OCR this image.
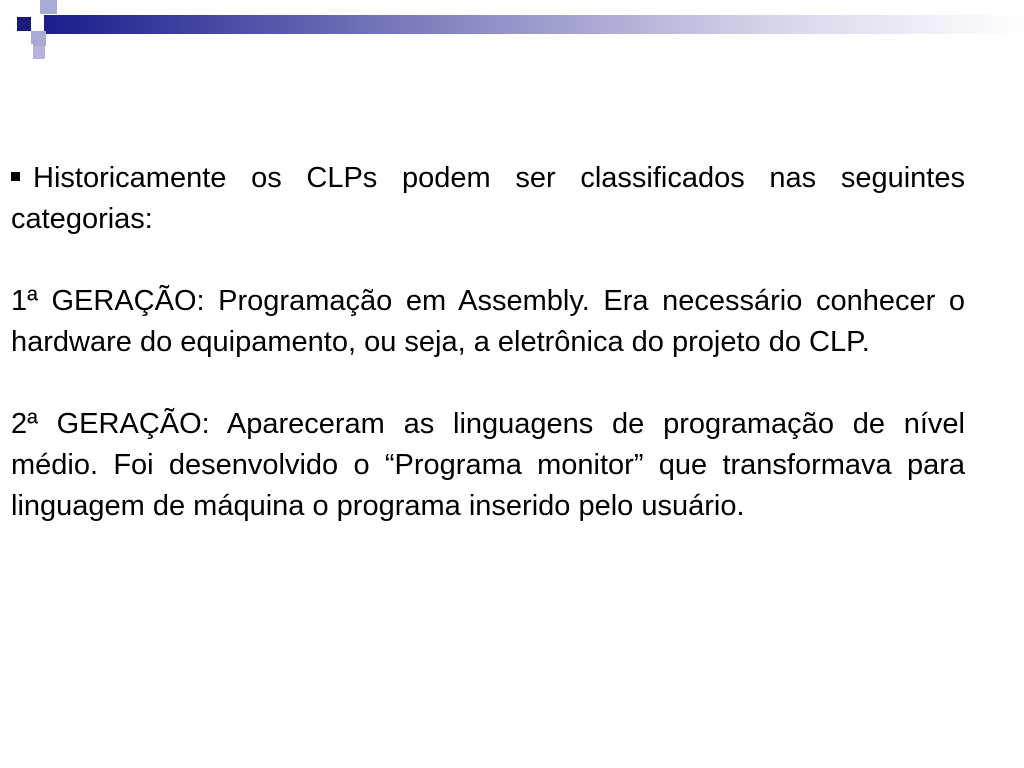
Historicamente os CLPs podem ser classificados nas seguintes categorias:

1ª GERAÇÃO: Programação em Assembly. Era necessário conhecer o hardware do equipamento, ou seja, a eletrônica do projeto do CLP.

2ª GERAÇÃO: Apareceram as linguagens de programação de nível médio. Foi desenvolvido o “Programa monitor” que transformava para linguagem de máquina o programa inserido pelo usuário.
